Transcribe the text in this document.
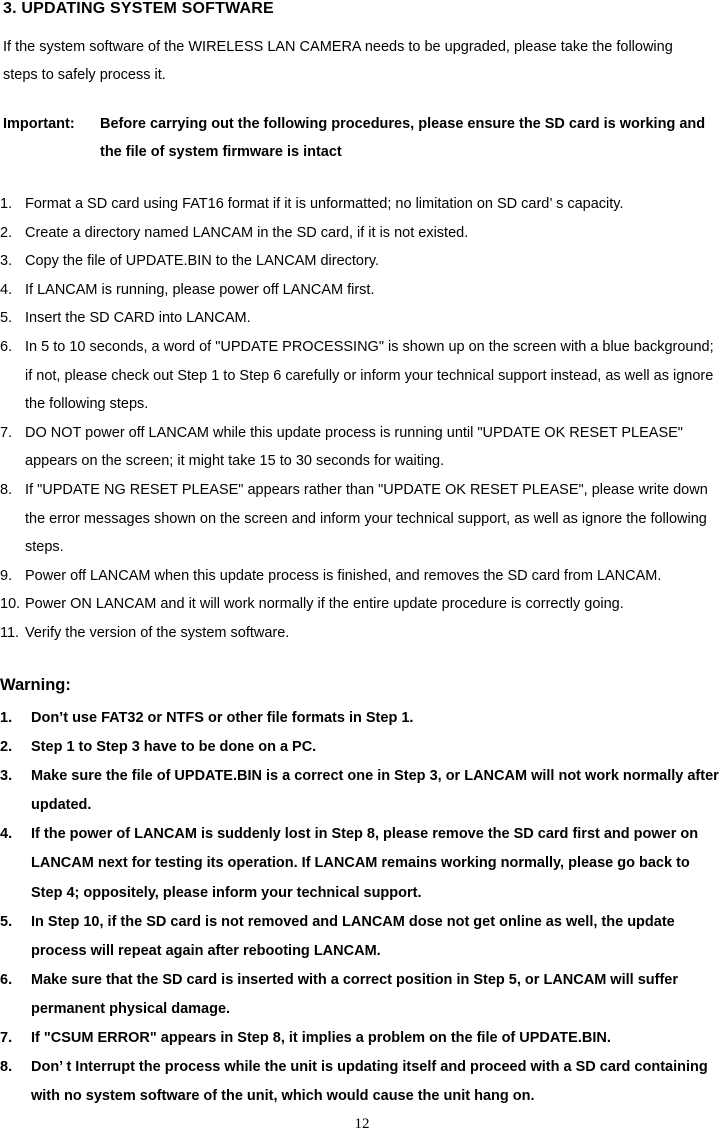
3. UPDATING SYSTEM SOFTWARE

If the system software of the WIRELESS LAN CAMERA needs to be upgraded, please take the following steps to safely process it.

Important: Before carrying out the following procedures, please ensure the SD card is working and the file of system firmware is intact
1. Format a SD card using FAT16 format if it is unformatted; no limitation on SD card’ s capacity.
2. Create a directory named LANCAM in the SD card, if it is not existed.
3. Copy the file of UPDATE.BIN to the LANCAM directory.
4. If LANCAM is running, please power off LANCAM first.
5. Insert the SD CARD into LANCAM.
6. In 5 to 10 seconds, a word of "UPDATE PROCESSING" is shown up on the screen with a blue background; if not, please check out Step 1 to Step 6 carefully or inform your technical support instead, as well as ignore the following steps.
7. DO NOT power off LANCAM while this update process is running until "UPDATE OK RESET PLEASE" appears on the screen; it might take 15 to 30 seconds for waiting.
8. If "UPDATE NG RESET PLEASE" appears rather than "UPDATE OK RESET PLEASE", please write down the error messages shown on the screen and inform your technical support, as well as ignore the following steps.
9. Power off LANCAM when this update process is finished, and removes the SD card from LANCAM.
10. Power ON LANCAM and it will work normally if the entire update procedure is correctly going.
11. Verify the version of the system software.
Warning:
1. Don’t use FAT32 or NTFS or other file formats in Step 1.
2. Step 1 to Step 3 have to be done on a PC.
3. Make sure the file of UPDATE.BIN is a correct one in Step 3, or LANCAM will not work normally after updated.
4. If the power of LANCAM is suddenly lost in Step 8, please remove the SD card first and power on LANCAM next for testing its operation. If LANCAM remains working normally, please go back to Step 4; oppositely, please inform your technical support.
5. In Step 10, if the SD card is not removed and LANCAM dose not get online as well, the update process will repeat again after rebooting LANCAM.
6. Make sure that the SD card is inserted with a correct position in Step 5, or LANCAM will suffer permanent physical damage.
7. If "CSUM ERROR" appears in Step 8, it implies a problem on the file of UPDATE.BIN.
8. Don’ t Interrupt the process while the unit is updating itself and proceed with a SD card containing with no system software of the unit, which would cause the unit hang on.
12
